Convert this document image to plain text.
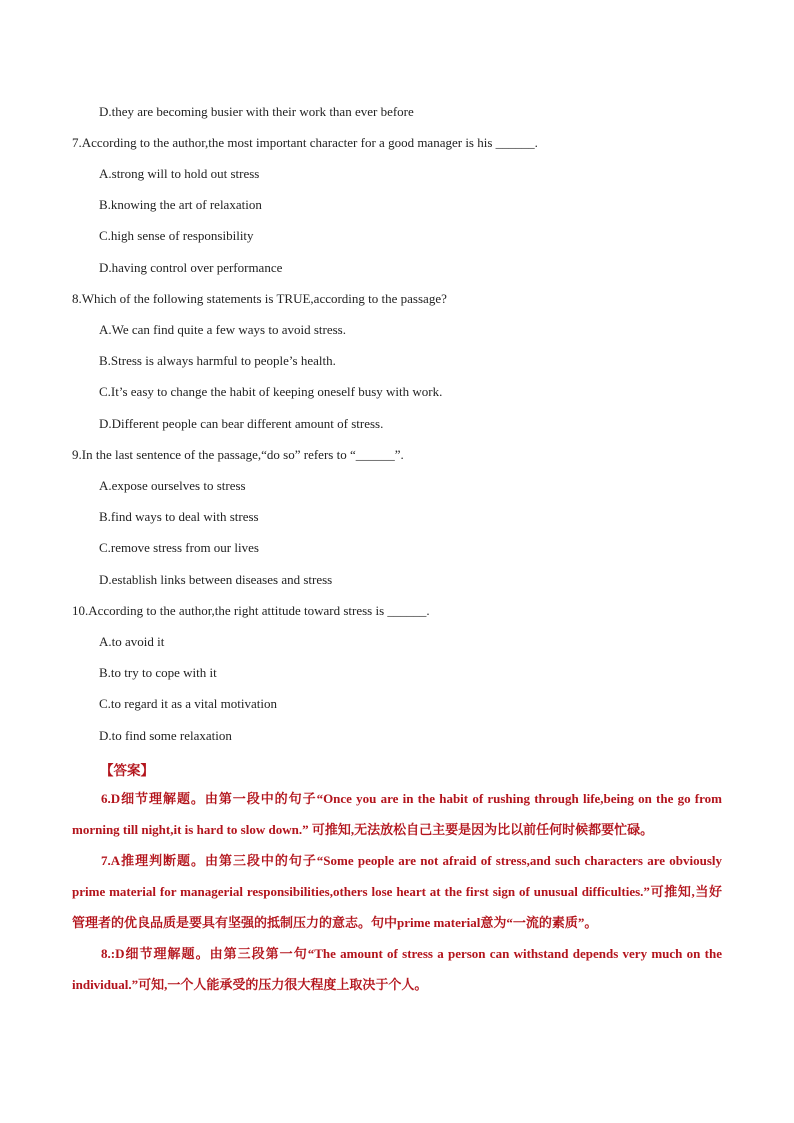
D.they are becoming busier with their work than ever before
7.According to the author,the most important character for a good manager is his ______.
A.strong will to hold out stress
B.knowing the art of relaxation
C.high sense of responsibility
D.having control over performance
8.Which of the following statements is TRUE,according to the passage?
A.We can find quite a few ways to avoid stress.
B.Stress is always harmful to people’s health.
C.It’s easy to change the habit of keeping oneself busy with work.
D.Different people can bear different amount of stress.
9.In the last sentence of the passage,“do so” refers to “______”.
A.expose ourselves to stress
B.find ways to deal with stress
C.remove stress from our lives
D.establish links between diseases and stress
10.According to the author,the right attitude toward stress is ______.
A.to avoid it
B.to try to cope with it
C.to regard it as a vital motivation
D.to find some relaxation
【答案】

6.D细节理解题。由第一段中的句子“Once you are in the habit of rushing through life,being on the go from morning till night,it is hard to slow down.” 可推知,无法放松自己主要是因为比以前任何时候都要忙碌。

7.A推理判断题。由第三段中的句子“Some people are not afraid of stress,and such characters are obviously prime material for managerial responsibilities,others lose heart at the first sign of unusual difficulties.”可推知,当好管理者的优良品质是要具有坚强的抵制压力的意志。句中prime material意为“一流的素质”。

8.:D细节理解题。由第三段第一句“The amount of stress a person can withstand depends very much on the individual.”可知,一个人能承受的压力很大程度上取决于个人。
